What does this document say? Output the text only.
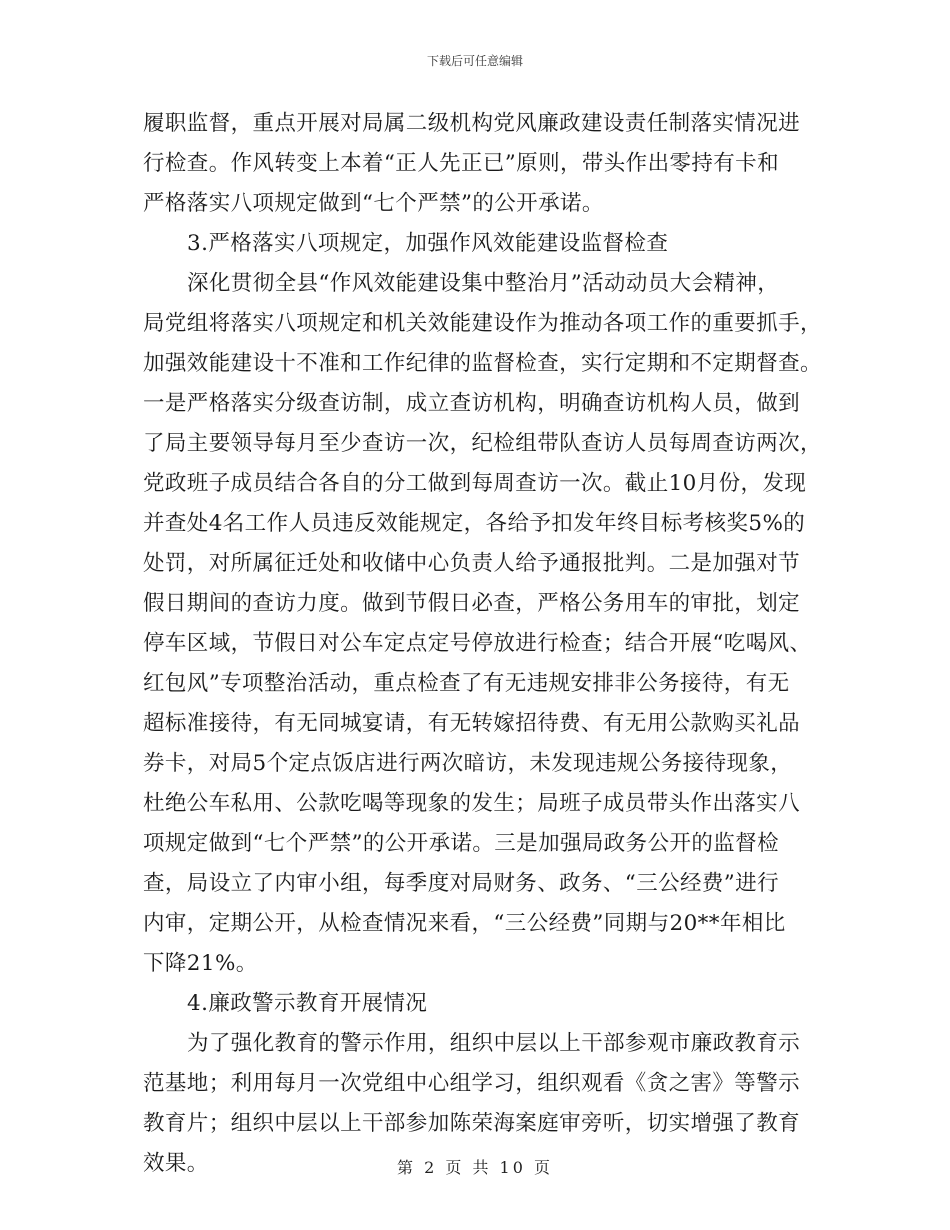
下载后可任意编辑
履职监督，重点开展对局属二级机构党风廉政建设责任制落实情况进
行检查。作风转变上本着“正人先正已”原则，带头作出零持有卡和
严格落实八项规定做到“七个严禁”的公开承诺。
3.严格落实八项规定，加强作风效能建设监督检查
深化贯彻全县“作风效能建设集中整治月”活动动员大会精神，
局党组将落实八项规定和机关效能建设作为推动各项工作的重要抓手，
加强效能建设十不准和工作纪律的监督检查，实行定期和不定期督查。
一是严格落实分级查访制，成立查访机构，明确查访机构人员，做到
了局主要领导每月至少查访一次，纪检组带队查访人员每周查访两次，
党政班子成员结合各自的分工做到每周查访一次。截止10月份，发现
并查处4名工作人员违反效能规定，各给予扣发年终目标考核奖5%的
处罚，对所属征迁处和收储中心负责人给予通报批判。二是加强对节
假日期间的查访力度。做到节假日必查，严格公务用车的审批，划定
停车区域，节假日对公车定点定号停放进行检查；结合开展“吃喝风、
红包风”专项整治活动，重点检查了有无违规安排非公务接待，有无
超标准接待，有无同城宴请，有无转嫁招待费、有无用公款购买礼品
券卡，对局5个定点饭店进行两次暗访，未发现违规公务接待现象，
杜绝公车私用、公款吃喝等现象的发生；局班子成员带头作出落实八
项规定做到“七个严禁”的公开承诺。三是加强局政务公开的监督检
查，局设立了内审小组，每季度对局财务、政务、“三公经费”进行
内审，定期公开，从检查情况来看，“三公经费”同期与20**年相比
下降21%。
4.廉政警示教育开展情况
为了强化教育的警示作用，组织中层以上干部参观市廉政教育示
范基地；利用每月一次党组中心组学习，组织观看《贪之害》等警示
教育片；组织中层以上干部参加陈荣海案庭审旁听，切实增强了教育
效果。	第 2 页 共 10 页
